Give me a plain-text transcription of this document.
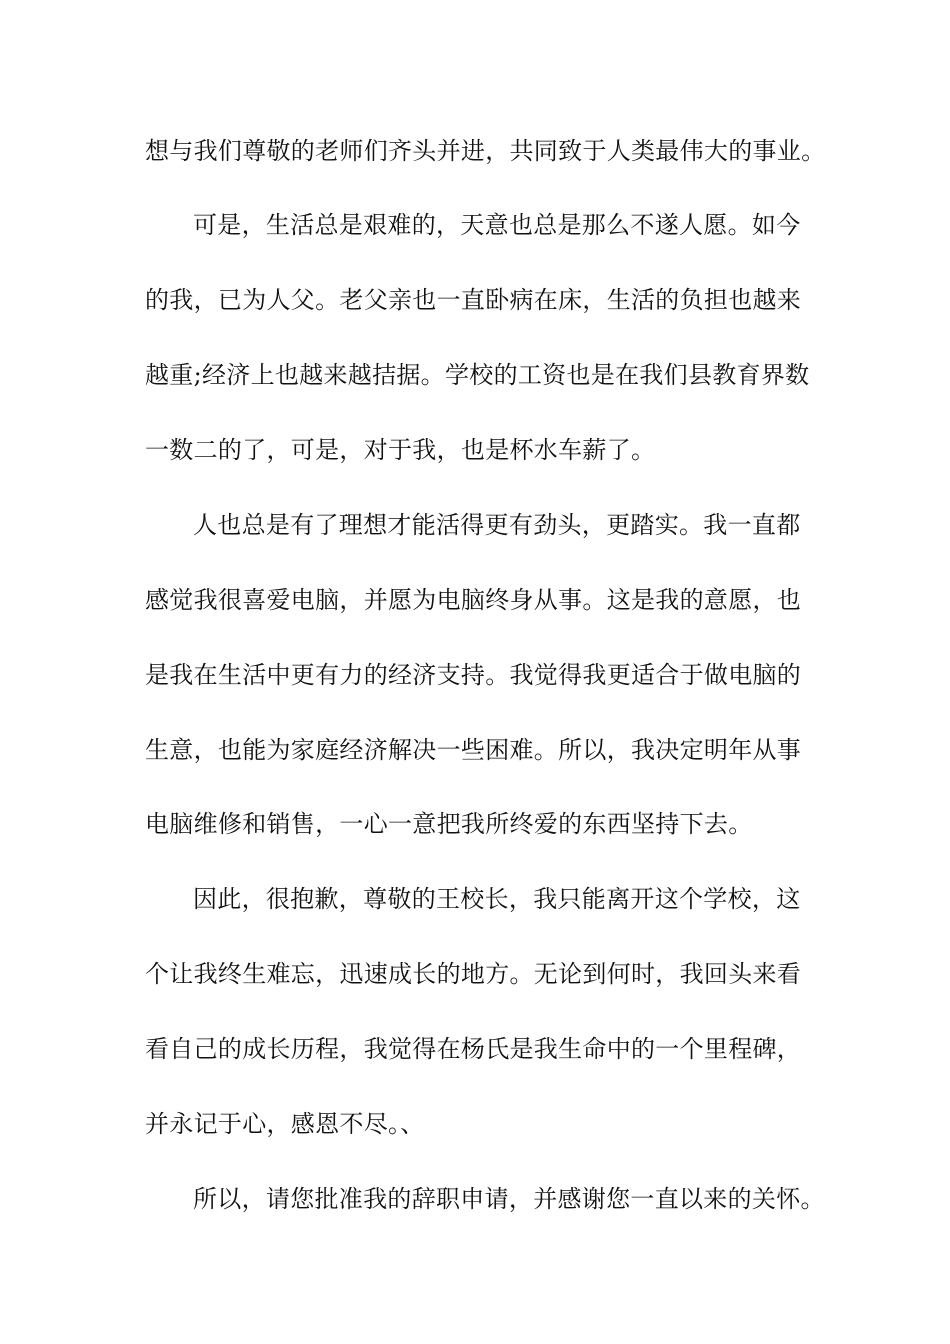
想与我们尊敬的老师们齐头并进，共同致于人类最伟大的事业。
可是，生活总是艰难的，天意也总是那么不遂人愿。如今
的我，已为人父。老父亲也一直卧病在床，生活的负担也越来
越重;经济上也越来越拮据。学校的工资也是在我们县教育界数
一数二的了，可是，对于我，也是杯水车薪了。
人也总是有了理想才能活得更有劲头，更踏实。我一直都
感觉我很喜爱电脑，并愿为电脑终身从事。这是我的意愿，也
是我在生活中更有力的经济支持。我觉得我更适合于做电脑的
生意，也能为家庭经济解决一些困难。所以，我决定明年从事
电脑维修和销售，一心一意把我所终爱的东西坚持下去。
因此，很抱歉，尊敬的王校长，我只能离开这个学校，这
个让我终生难忘，迅速成长的地方。无论到何时，我回头来看
看自己的成长历程，我觉得在杨氏是我生命中的一个里程碑，
并永记于心，感恩不尽。、
所以，请您批准我的辞职申请，并感谢您一直以来的关怀。
